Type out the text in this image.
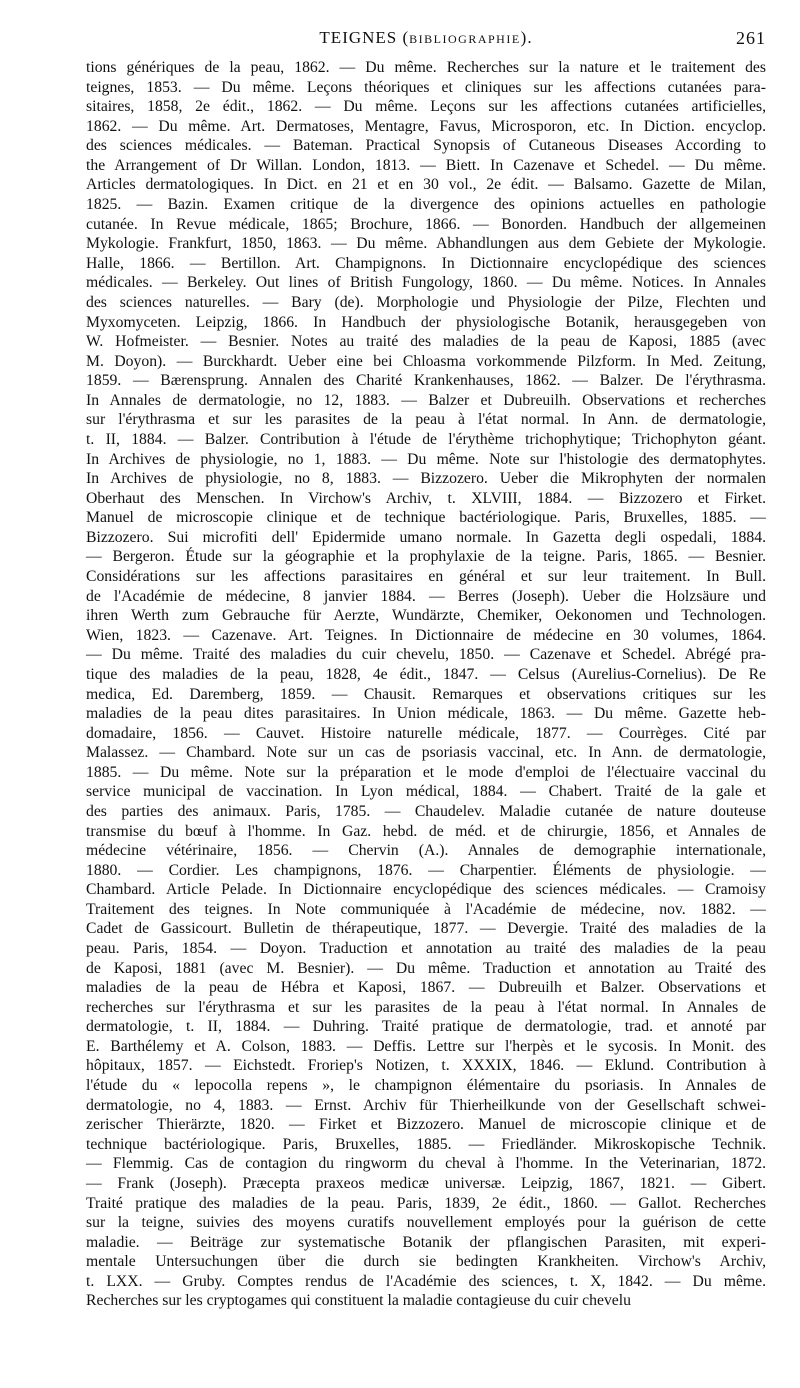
TEIGNES (BIBLIOGRAPHIE).	261
tions génériques de la peau, 1862. — Du même. Recherches sur la nature et le traitement des
teignes, 1853. — Du même. Leçons théoriques et cliniques sur les affections cutanées para-
sitaires, 1858, 2e édit., 1862. — Du même. Leçons sur les affections cutanées artificielles,
1862. — Du même. Art. Dermatoses, Mentagre, Favus, Microsporon, etc. In Diction. encyclop.
des sciences médicales. — Bateman. Practical Synopsis of Cutaneous Diseases According to
the Arrangement of Dr Willan. London, 1813. — Biett. In Cazenave et Schedel. — Du même.
Articles dermatologiques. In Dict. en 21 et en 30 vol., 2e édit. — Balsamo. Gazette de Milan,
1825. — Bazin. Examen critique de la divergence des opinions actuelles en pathologie
cutanée. In Revue médicale, 1865; Brochure, 1866. — Bonorden. Handbuch der allgemeinen
Mykologie. Frankfurt, 1850, 1863. — Du même. Abhandlungen aus dem Gebiete der Mykologie.
Halle, 1866. — Bertillon. Art. Champignons. In Dictionnaire encyclopédique des sciences
médicales. — Berkeley. Out lines of British Fungology, 1860. — Du même. Notices. In Annales
des sciences naturelles. — Bary (de). Morphologie und Physiologie der Pilze, Flechten und
Myxomyceten. Leipzig, 1866. In Handbuch der physiologische Botanik, herausgegeben von
W. Hofmeister. — Besnier. Notes au traité des maladies de la peau de Kaposi, 1885 (avec
M. Doyon). — Burckhardt. Ueber eine bei Chloasma vorkommende Pilzform. In Med. Zeitung,
1859. — Bærensprung. Annalen des Charité Krankenhauses, 1862. — Balzer. De l'érythrasma.
In Annales de dermatologie, no 12, 1883. — Balzer et Dubreuilh. Observations et recherches
sur l'érythrasma et sur les parasites de la peau à l'état normal. In Ann. de dermatologie,
t. II, 1884. — Balzer. Contribution à l'étude de l'érythème trichophytique; Trichophyton géant.
In Archives de physiologie, no 1, 1883. — Du même. Note sur l'histologie des dermatophytes.
In Archives de physiologie, no 8, 1883. — Bizzozero. Ueber die Mikrophyten der normalen
Oberhaut des Menschen. In Virchow's Archiv, t. XLVIII, 1884. — Bizzozero et Firket.
Manuel de microscopie clinique et de technique bactériologique. Paris, Bruxelles, 1885. —
Bizzozero. Sui microfiti dell' Epidermide umano normale. In Gazetta degli ospedali, 1884.
— Bergeron. Étude sur la géographie et la prophylaxie de la teigne. Paris, 1865. — Besnier.
Considérations sur les affections parasitaires en général et sur leur traitement. In Bull.
de l'Académie de médecine, 8 janvier 1884. — Berres (Joseph). Ueber die Holzsäure und
ihren Werth zum Gebrauche für Aerzte, Wundärzte, Chemiker, Oekonomen und Technologen.
Wien, 1823. — Cazenave. Art. Teignes. In Dictionnaire de médecine en 30 volumes, 1864.
— Du même. Traité des maladies du cuir chevelu, 1850. — Cazenave et Schedel. Abrégé pra-
tique des maladies de la peau, 1828, 4e édit., 1847. — Celsus (Aurelius-Cornelius). De Re
medica, Ed. Daremberg, 1859. — Chausit. Remarques et observations critiques sur les
maladies de la peau dites parasitaires. In Union médicale, 1863. — Du même. Gazette heb-
domadaire, 1856. — Cauvet. Histoire naturelle médicale, 1877. — Courrèges. Cité par
Malassez. — Chambard. Note sur un cas de psoriasis vaccinal, etc. In Ann. de dermatologie,
1885. — Du même. Note sur la préparation et le mode d'emploi de l'électuaire vaccinal du
service municipal de vaccination. In Lyon médical, 1884. — Chabert. Traité de la gale et
des parties des animaux. Paris, 1785. — Chaudelev. Maladie cutanée de nature douteuse
transmise du bœuf à l'homme. In Gaz. hebd. de méd. et de chirurgie, 1856, et Annales de
médecine vétérinaire, 1856. — Chervin (A.). Annales de demographie internationale,
1880. — Cordier. Les champignons, 1876. — Charpentier. Éléments de physiologie. —
Chambard. Article Pelade. In Dictionnaire encyclopédique des sciences médicales. — Cramoisy
Traitement des teignes. In Note communiquée à l'Académie de médecine, nov. 1882. —
Cadet de Gassicourt. Bulletin de thérapeutique, 1877. — Devergie. Traité des maladies de la
peau. Paris, 1854. — Doyon. Traduction et annotation au traité des maladies de la peau
de Kaposi, 1881 (avec M. Besnier). — Du même. Traduction et annotation au Traité des
maladies de la peau de Hébra et Kaposi, 1867. — Dubreuilh et Balzer. Observations et
recherches sur l'érythrasma et sur les parasites de la peau à l'état normal. In Annales de
dermatologie, t. II, 1884. — Duhring. Traité pratique de dermatologie, trad. et annoté par
E. Barthélemy et A. Colson, 1883. — Deffis. Lettre sur l'herpès et le sycosis. In Monit. des
hôpitaux, 1857. — Eichstedt. Froriep's Notizen, t. XXXIX, 1846. — Eklund. Contribution à
l'étude du « lepocolla repens », le champignon élémentaire du psoriasis. In Annales de
dermatologie, no 4, 1883. — Ernst. Archiv für Thierheilkunde von der Gesellschaft schwei-
zerischer Thierärzte, 1820. — Firket et Bizzozero. Manuel de microscopie clinique et de
technique bactériologique. Paris, Bruxelles, 1885. — Friedländer. Mikroskopische Technik.
— Flemmig. Cas de contagion du ringworm du cheval à l'homme. In the Veterinarian, 1872.
— Frank (Joseph). Præcepta praxeos medicæ universæ. Leipzig, 1867, 1821. — Gibert.
Traité pratique des maladies de la peau. Paris, 1839, 2e édit., 1860. — Gallot. Recherches
sur la teigne, suivies des moyens curatifs nouvellement employés pour la guérison de cette
maladie. — Beiträge zur systematische Botanik der pflangischen Parasiten, mit experi-
mentale Untersuchungen über die durch sie bedingten Krankheiten. Virchow's Archiv,
t. LXX. — Gruby. Comptes rendus de l'Académie des sciences, t. X, 1842. — Du même.
Recherches sur les cryptogames qui constituent la maladie contagieuse du cuir chevelu
